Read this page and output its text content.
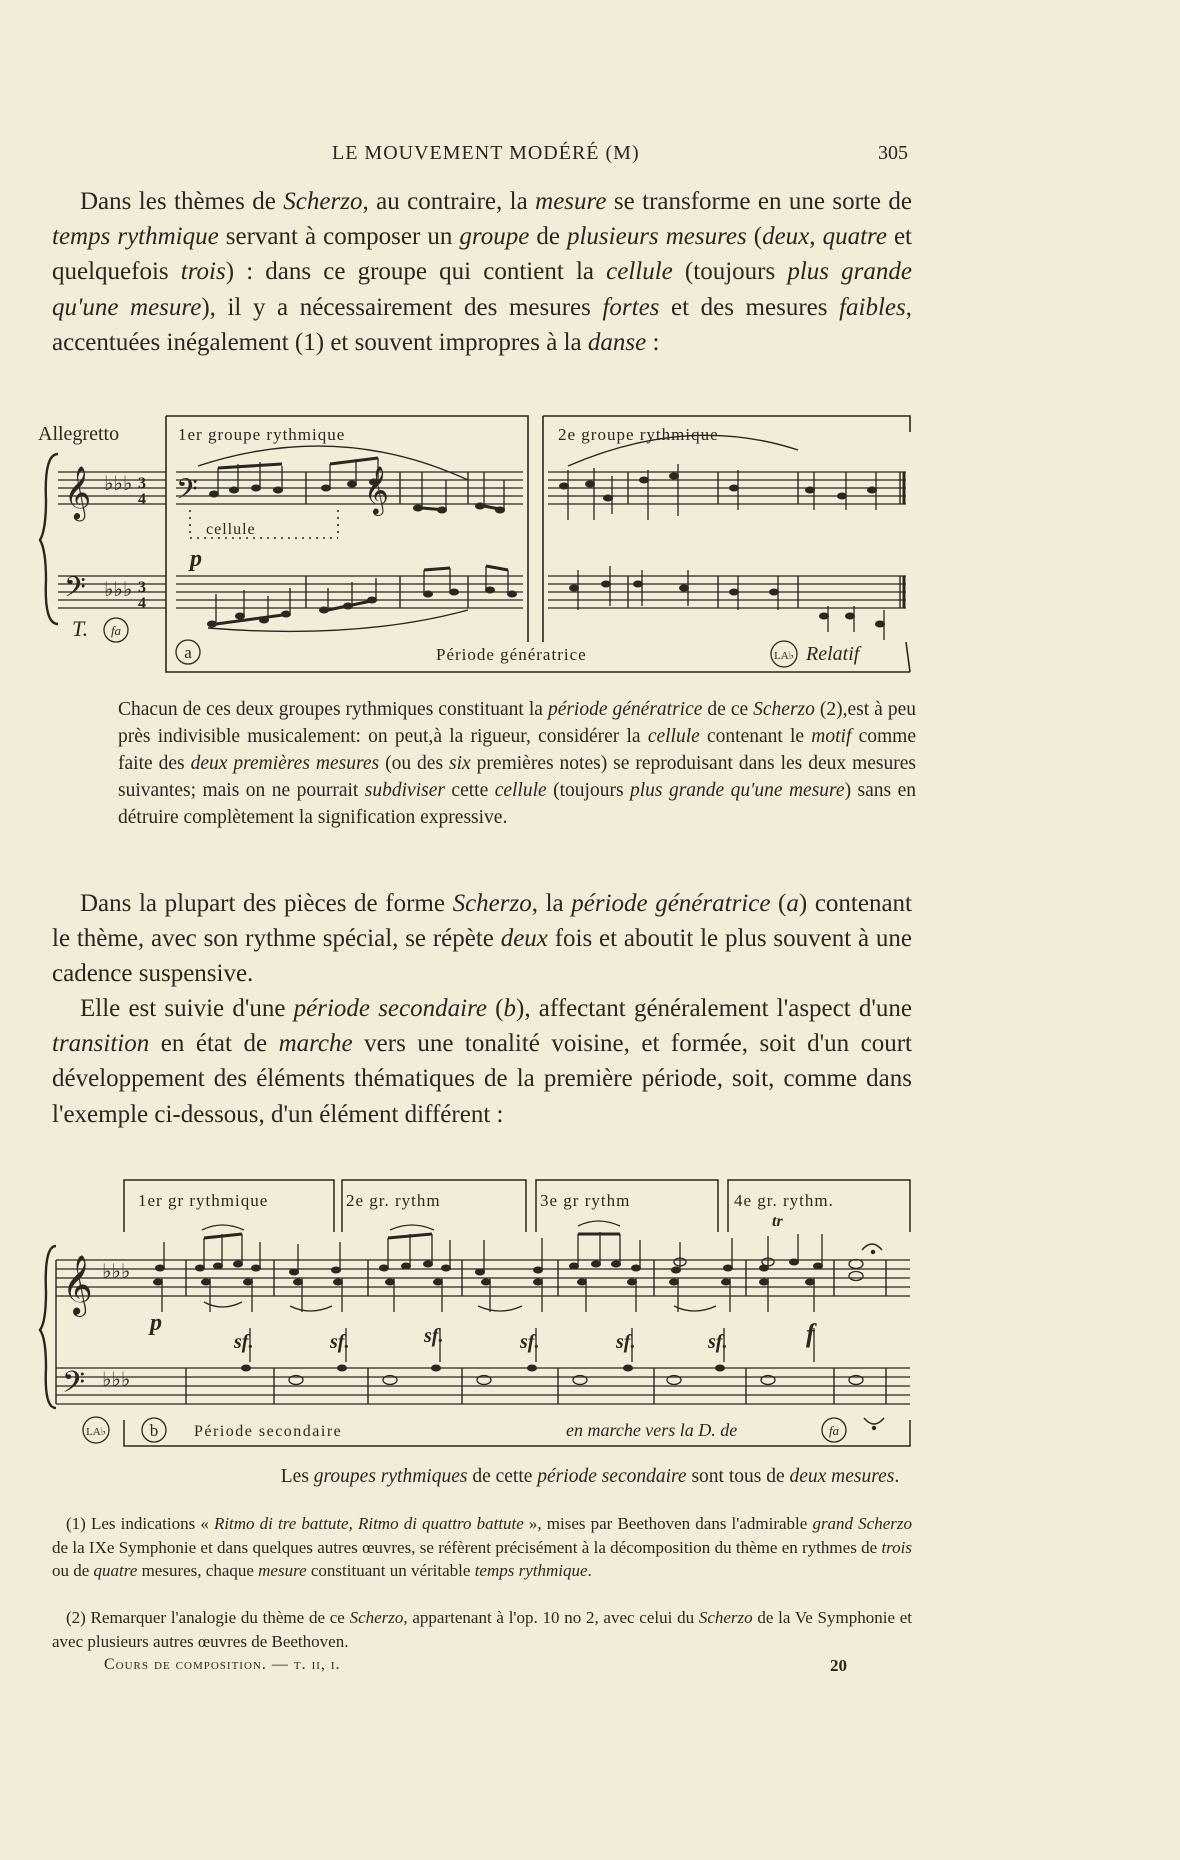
LE MOUVEMENT MODÉRÉ (M)	305

Dans les thèmes de Scherzo, au contraire, la mesure se transforme en une sorte de temps rythmique servant à composer un groupe de plusieurs mesures (deux, quatre et quelquefois trois) : dans ce groupe qui contient la cellule (toujours plus grande qu'une mesure), il y a nécessairement des mesures fortes et des mesures faibles, accentuées inégalement (1) et souvent impropres à la danse :

𝄞
𝄢
♭♭♭
♭♭♭
3
4
3
4
𝄢	𝄞
Allegretto	1er groupe rythmique	2e groupe rythmique
cellule
p
T. fa
a	Période génératrice	LA♭ Relatif

Chacun de ces deux groupes rythmiques constituant la période génératrice de ce Scherzo (2),est à peu près indivisible musicalement: on peut,à la rigueur, considérer la cellule contenant le motif comme faite des deux premières mesures (ou des six premières notes) se reproduisant dans les deux mesures suivantes; mais on ne pourrait subdiviser cette cellule (toujours plus grande qu'une mesure) sans en détruire complètement la signification expressive.

Dans la plupart des pièces de forme Scherzo, la période génératrice (a) contenant le thème, avec son rythme spécial, se répète deux fois et aboutit le plus souvent à une cadence suspensive.

Elle est suivie d'une période secondaire (b), affectant généralement l'aspect d'une transition en état de marche vers une tonalité voisine, et formée, soit d'un court développement des éléments thématiques de la première période, soit, comme dans l'exemple ci-dessous, d'un élément différent :

𝄞
𝄢
♭♭♭
♭♭♭
1er gr rythmique	2e gr. rythm	3e gr rythm	4e gr. rythm.
tr
p
sf.	sf.	sf.	sf.	sf.	sf.	f
LA♭	b Période secondaire	en marche vers la D. de	fa
Les groupes rythmiques de cette période secondaire sont tous de deux mesures.

(1) Les indications « Ritmo di tre battute, Ritmo di quattro battute », mises par Beethoven dans l'admirable grand Scherzo de la IXe Symphonie et dans quelques autres œuvres, se réfèrent précisément à la décomposition du thème en rythmes de trois ou de quatre mesures, chaque mesure constituant un véritable temps rythmique.

(2) Remarquer l'analogie du thème de ce Scherzo, appartenant à l'op. 10 no 2, avec celui du Scherzo de la Ve Symphonie et avec plusieurs autres œuvres de Beethoven.

Cours de composition. — t. ii, i.	20
